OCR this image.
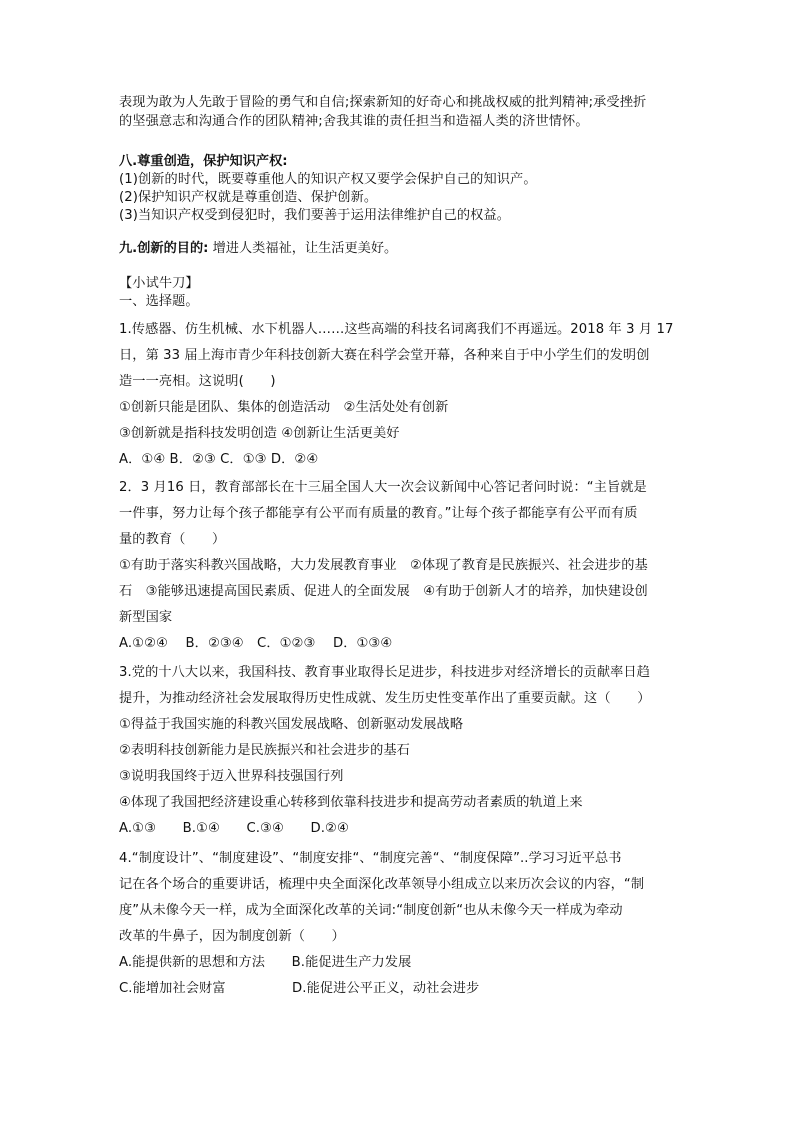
表现为敢为人先敢于冒险的勇气和自信;探索新知的好奇心和挑战权威的批判精神;承受挫折
的坚强意志和沟通合作的团队精神;舍我其谁的责任担当和造福人类的济世情怀。
八.尊重创造，保护知识产权:
(1)创新的时代，既要尊重他人的知识产权又要学会保护自己的知识产。
(2)保护知识产权就是尊重创造、保护创新。
(3)当知识产权受到侵犯时，我们要善于运用法律维护自己的权益。
九.创新的目的: 增进人类福祉，让生活更美好。
【小试牛刀】
一、选择题。
1.传感器、仿生机械、水下机器人……这些高端的科技名词离我们不再遥远。2018 年 3 月 17
日，第 33 届上海市青少年科技创新大赛在科学会堂开幕，各种来自于中小学生们的发明创
造一一亮相。这说明(　　)
①创新只能是团队、集体的创造活动　②生活处处有创新
③创新就是指科技发明创造 ④创新让生活更美好
A．①④ B．②③ C．①③ D．②④
2．3 月16 日，教育部部长在十三届全国人大一次会议新闻中心答记者问时说：“主旨就是
一件事，努力让每个孩子都能享有公平而有质量的教育。”让每个孩子都能享有公平而有质
量的教育（　　）
①有助于落实科教兴国战略，大力发展教育事业　②体现了教育是民族振兴、社会进步的基
石　③能够迅速提高国民素质、促进人的全面发展　④有助于创新人才的培养，加快建设创
新型国家
A.①②④　 B．②③④　C．①②③　 D．①③④
3.党的十八大以来，我国科技、教育事业取得长足进步，科技进步对经济增长的贡献率日趋
提升，为推动经济社会发展取得历史性成就、发生历史性变革作出了重要贡献。这（　　）
①得益于我国实施的科教兴国发展战略、创新驱动发展战略
②表明科技创新能力是民族振兴和社会进步的基石
③说明我国终于迈入世界科技强国行列
④体现了我国把经济建设重心转移到依靠科技进步和提高劳动者素质的轨道上来
A.①③　　B.①④　　C.③④　　D.②④
4.“制度设计”、“制度建设”、“制度安排“、“制度完善“、“制度保障”..学习习近平总书
记在各个场合的重要讲话，梳理中央全面深化改革领导小组成立以来历次会议的内容，“制
度”从未像今天一样，成为全面深化改革的关词:“制度创新“也从未像今天一样成为牵动
改革的牛鼻子，因为制度创新（　　）
A.能提供新的思想和方法　　B.能促进生产力发展
C.能增加社会财富　　　　　D.能促进公平正义，动社会进步
